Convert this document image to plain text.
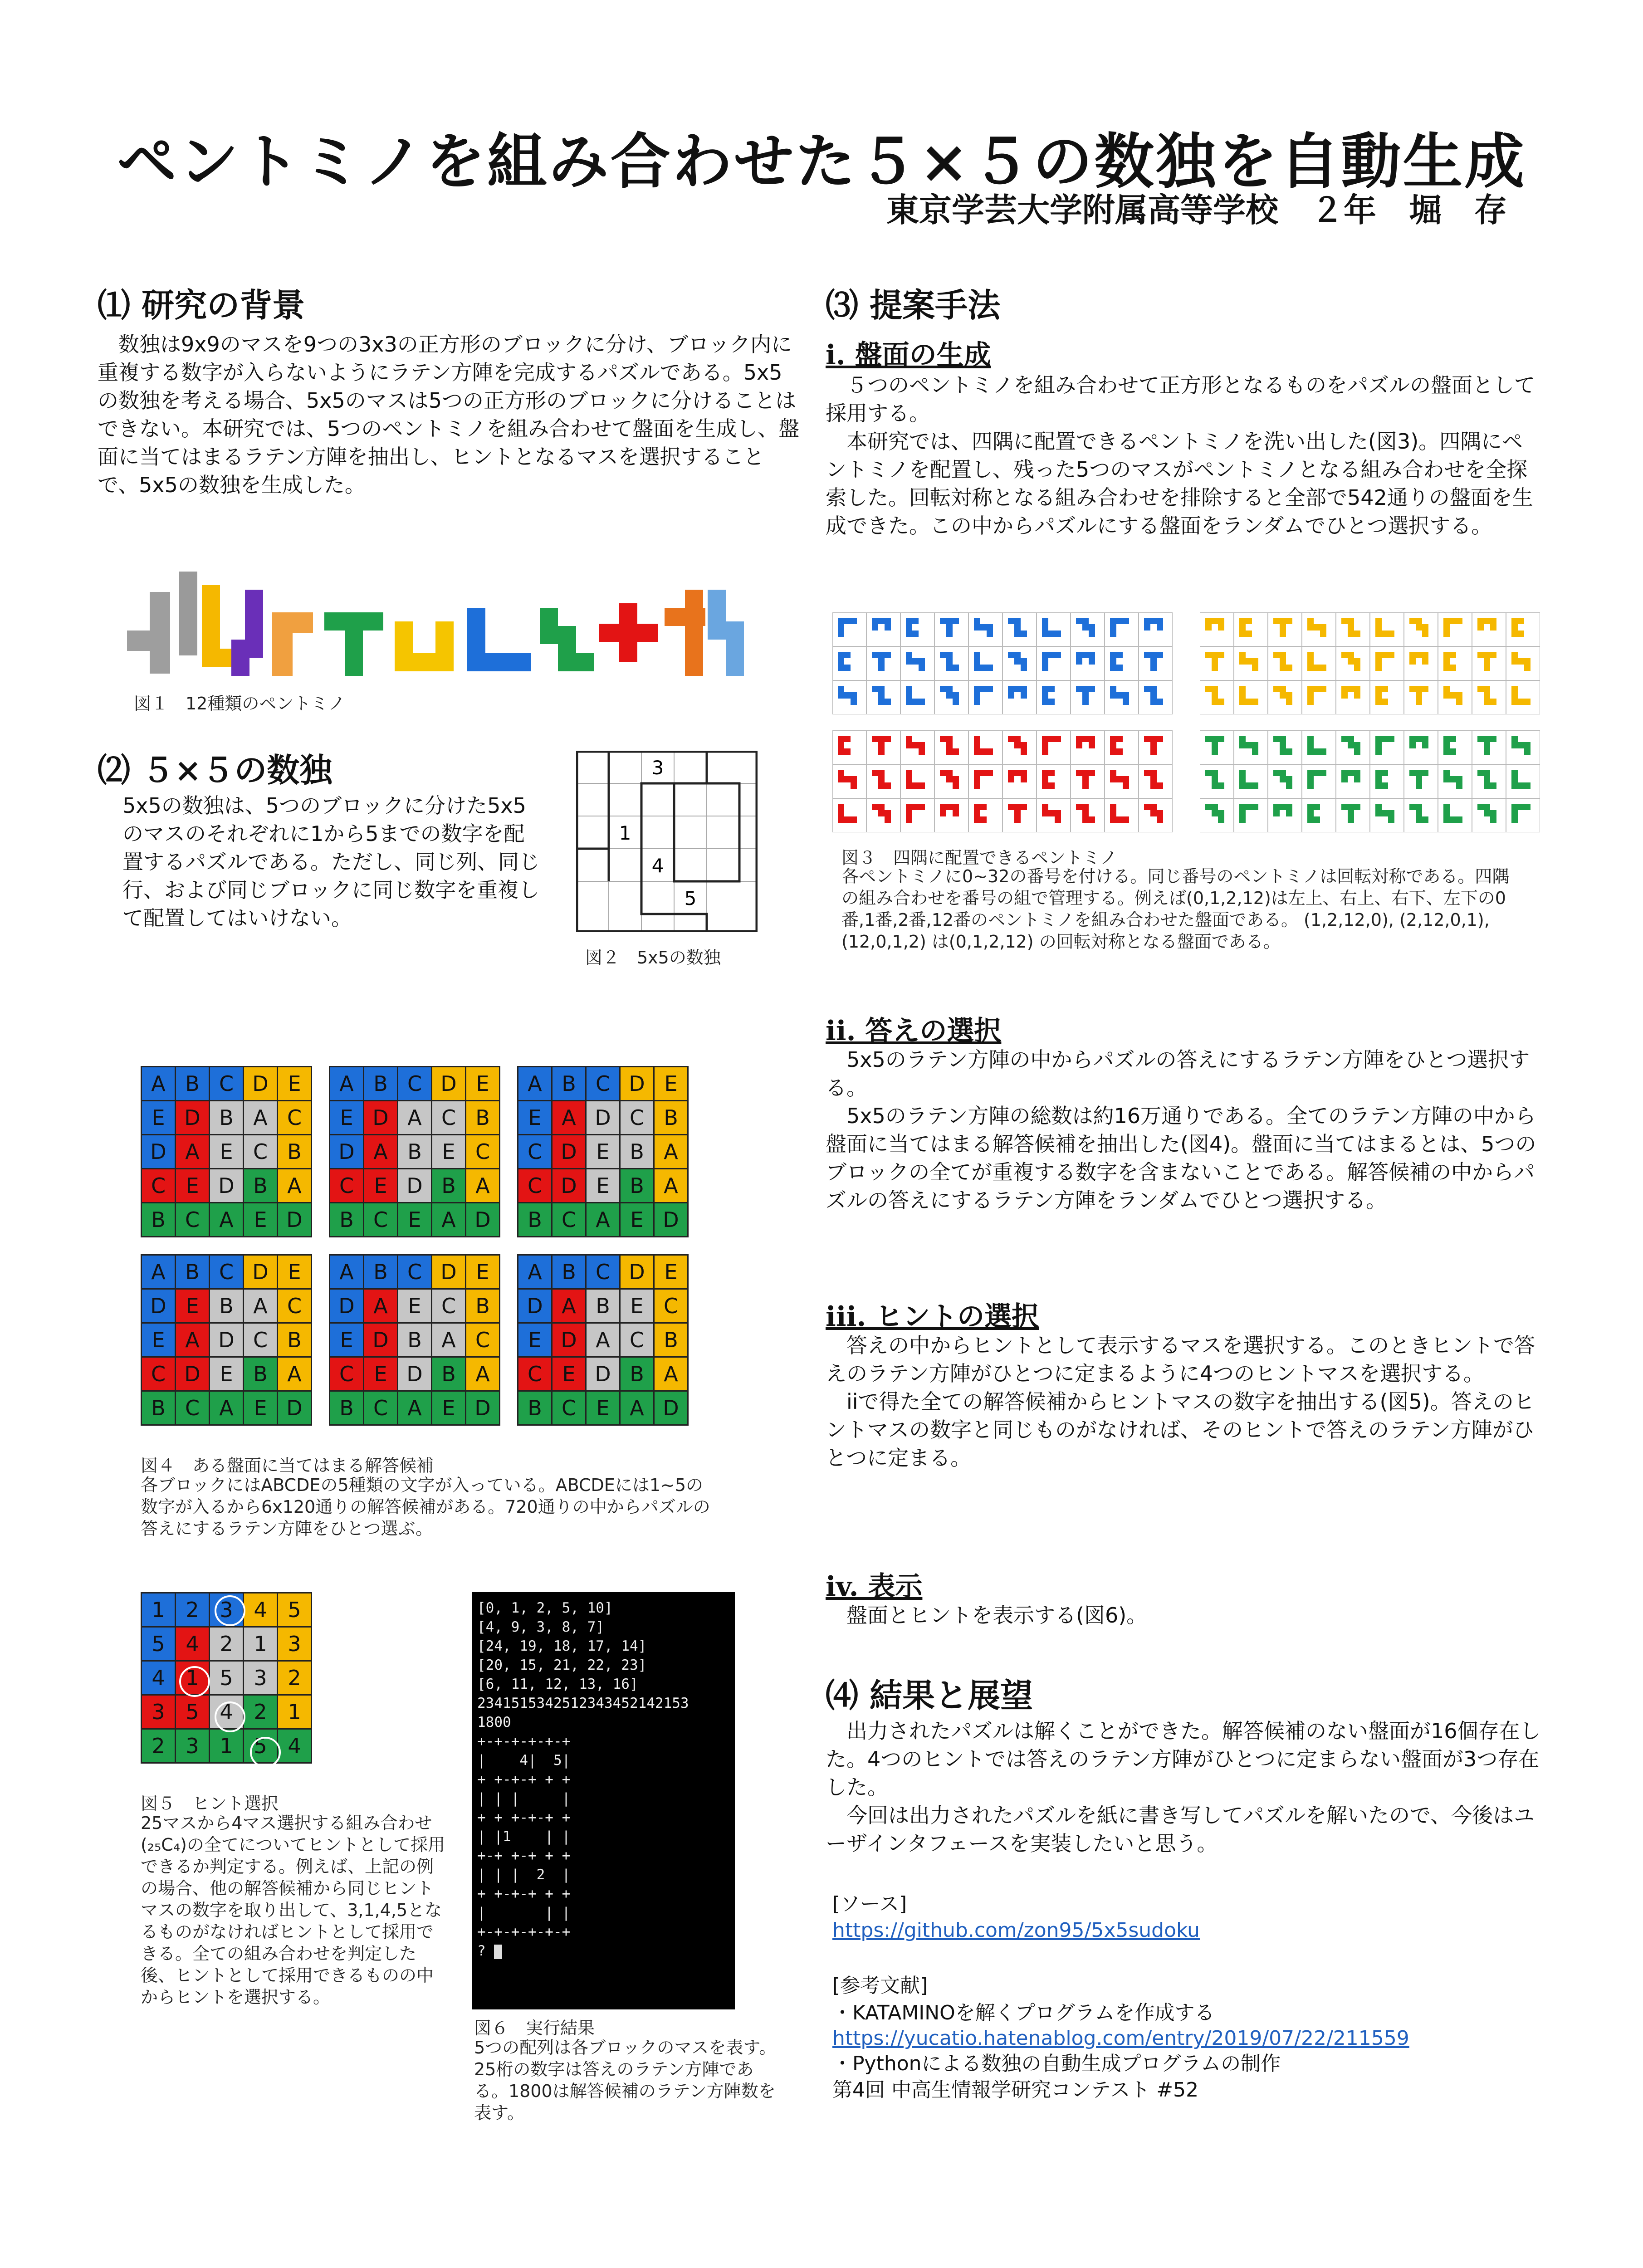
ペントミノを組み合わせた５×５の数独を自動生成
東京学芸大学附属高等学校　２年　堀　存
⑴ 研究の背景

数独は9x9のマスを9つの3x3の正方形のブロックに分け、ブロック内に重複する数字が入らないようにラテン方陣を完成するパズルである。5x5の数独を考える場合、5x5のマスは5つの正方形のブロックに分けることはできない。本研究では、5つのペントミノを組み合わせて盤面を生成し、盤面に当てはまるラテン方陣を抽出し、ヒントとなるマスを選択することで、5x5の数独を生成した。

図１　12種類のペントミノ
⑵ ５×５の数独

5x5の数独は、5つのブロックに分けた5x5のマスのそれぞれに1から5までの数字を配置するパズルである。ただし、同じ列、同じ行、および同じブロックに同じ数字を重複して配置してはいけない。

3
1
4
5
図２　5x5の数独
A	B	C	D	E
E	D	B	A	C
D	A	E	C	B
C	E	D	B	A
B	C	A	E	D
A	B	C	D	E
E	D	A	C	B
D	A	B	E	C
C	E	D	B	A
B	C	E	A	D
A	B	C	D	E
E	A	D	C	B
C	D	E	B	A
C	D	E	B	A
B	C	A	E	D
A	B	C	D	E
D	E	B	A	C
E	A	D	C	B
C	D	E	B	A
B	C	A	E	D
A	B	C	D	E
D	A	E	C	B
E	D	B	A	C
C	E	D	B	A
B	C	A	E	D
A	B	C	D	E
D	A	B	E	C
E	D	A	C	B
C	E	D	B	A
B	C	E	A	D
図４　ある盤面に当てはまる解答候補
各ブロックにはABCDEの5種類の文字が入っている。ABCDEには1~5の数字が入るから6x120通りの解答候補がある。720通りの中からパズルの答えにするラテン方陣をひとつ選ぶ。
1	2	3	4	5
5	4	2	1	3
4	1	5	3	2
3	5	4	2	1
2	3	1	5	4
図５　ヒント選択
25マスから4マス選択する組み合わせ(₂₅C₄)の全てについてヒントとして採用できるか判定する。例えば、上記の例の場合、他の解答候補から同じヒントマスの数字を取り出して、3,1,4,5となるものがなければヒントとして採用できる。全ての組み合わせを判定した後、ヒントとして採用できるものの中からヒントを選択する。
[0, 1, 2, 5, 10]
[4, 9, 3, 8, 7]
[24, 19, 18, 17, 14]
[20, 15, 21, 22, 23]
[6, 11, 12, 13, 16]
2341515342512343452142153
1800
+-+-+-+-+-+
|    4|  5|
+ +-+-+ + +
| | |     |
+ + +-+-+ +
| |1    | |
+-+ +-+ + +
| | |  2  |
+ +-+-+ + +
|       | |
+-+-+-+-+-+
?
図６　実行結果
5つの配列は各ブロックのマスを表す。25桁の数字は答えのラテン方陣である。1800は解答候補のラテン方陣数を表す。
⑶ 提案手法
i. 盤面の生成

５つのペントミノを組み合わせて正方形となるものをパズルの盤面として採用する。

本研究では、四隅に配置できるペントミノを洗い出した(図3)。四隅にペントミノを配置し、残った5つのマスがペントミノとなる組み合わせを全探索した。回転対称となる組み合わせを排除すると全部で542通りの盤面を生成できた。この中からパズルにする盤面をランダムでひとつ選択する。

図３　四隅に配置できるペントミノ
各ペントミノに0~32の番号を付ける。同じ番号のペントミノは回転対称である。四隅の組み合わせを番号の組で管理する。例えば(0,1,2,12)は左上、右上、右下、左下の0番,1番,2番,12番のペントミノを組み合わせた盤面である。 (1,2,12,0), (2,12,0,1), (12,0,1,2) は(0,1,2,12) の回転対称となる盤面である。
ii. 答えの選択

5x5のラテン方陣の中からパズルの答えにするラテン方陣をひとつ選択する。

5x5のラテン方陣の総数は約16万通りである。全てのラテン方陣の中から盤面に当てはまる解答候補を抽出した(図4)。盤面に当てはまるとは、5つのブロックの全てが重複する数字を含まないことである。解答候補の中からパズルの答えにするラテン方陣をランダムでひとつ選択する。

iii. ヒントの選択

答えの中からヒントとして表示するマスを選択する。このときヒントで答えのラテン方陣がひとつに定まるように4つのヒントマスを選択する。

iiで得た全ての解答候補からヒントマスの数字を抽出する(図5)。答えのヒントマスの数字と同じものがなければ、そのヒントで答えのラテン方陣がひとつに定まる。

iv. 表示

盤面とヒントを表示する(図6)。

⑷ 結果と展望

出力されたパズルは解くことができた。解答候補のない盤面が16個存在した。4つのヒントでは答えのラテン方陣がひとつに定まらない盤面が3つ存在した。

今回は出力されたパズルを紙に書き写してパズルを解いたので、今後はユーザインタフェースを実装したいと思う。

[ソース]
https://github.com/zon95/5x5sudoku
[参考文献]
・KATAMINOを解くプログラムを作成する
https://yucatio.hatenablog.com/entry/2019/07/22/211559
・Pythonによる数独の自動生成プログラムの制作
第4回 中高生情報学研究コンテスト #52
